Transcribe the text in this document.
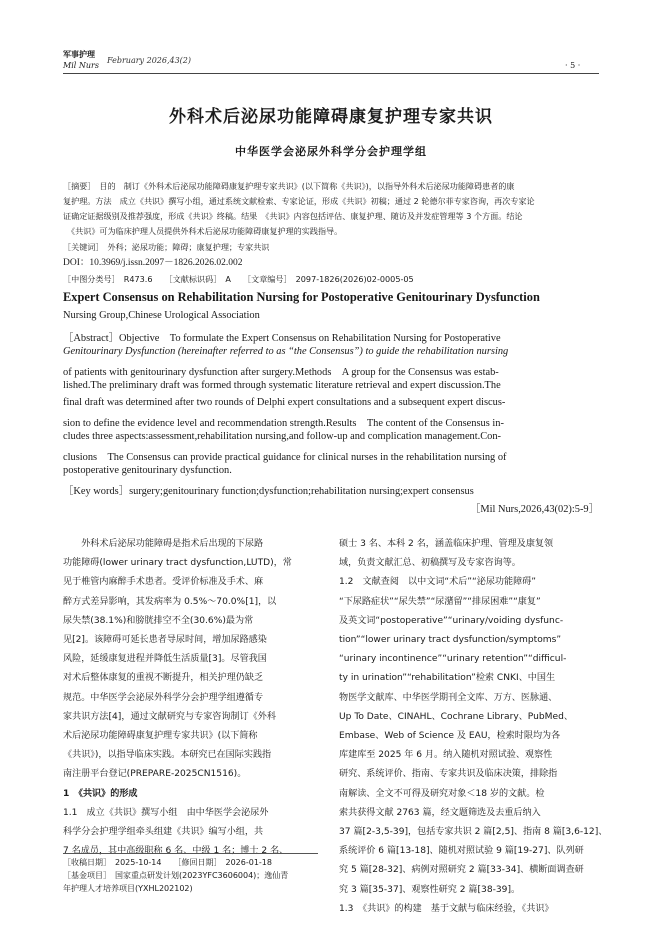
军事护理
Mil Nurs
February 2026,43(2)
· 5 ·
外科术后泌尿功能障碍康复护理专家共识
中华医学会泌尿外科学分会护理学组
［摘要］　目的　制订《外科术后泌尿功能障碍康复护理专家共识》(以下简称《共识》)，以指导外科术后泌尿功能障碍患者的康
复护理。方法　成立《共识》撰写小组，通过系统文献检索、专家论证，形成《共识》初稿；通过 2 轮德尔菲专家咨询，再次专家论
证确定证据级别及推荐强度，形成《共识》终稿。结果　《共识》内容包括评估、康复护理、随访及并发症管理等 3 个方面。结论
　《共识》可为临床护理人员提供外科术后泌尿功能障碍康复护理的实践指导。
［关键词］　外科；泌尿功能；障碍；康复护理；专家共识
DOI：10.3969/j.issn.2097－1826.2026.02.002
［中图分类号］　R473.6　　［文献标识码］　A　　［文章编号］　2097-1826(2026)02-0005-05
Expert Consensus on Rehabilitation Nursing for Postoperative Genitourinary Dysfunction
Nursing Group,Chinese Urological Association
［Abstract］Objective　To formulate the Expert Consensus on Rehabilitation Nursing for Postoperative
Genitourinary Dysfunction (hereinafter referred to as “the Consensus”) to guide the rehabilitation nursing
of patients with genitourinary dysfunction after surgery.Methods　A group for the Consensus was estab-
lished.The preliminary draft was formed through systematic literature retrieval and expert discussion.The
final draft was determined after two rounds of Delphi expert consultations and a subsequent expert discus-
sion to define the evidence level and recommendation strength.Results　The content of the Consensus in-
cludes three aspects:assessment,rehabilitation nursing,and follow-up and complication management.Con-
clusions　The Consensus can provide practical guidance for clinical nurses in the rehabilitation nursing of
postoperative genitourinary dysfunction.
［Key words］surgery;genitourinary function;dysfunction;rehabilitation nursing;expert consensus
［Mil Nurs,2026,43(02):5-9］

　　外科术后泌尿功能障碍是指术后出现的下尿路

功能障碍(lower urinary tract dysfunction,LUTD)，常

见于椎管内麻醉手术患者。受评价标准及手术、麻

醉方式差异影响，其发病率为 0.5%～70.0%[1]，以

尿失禁(38.1%)和膀胱排空不全(30.6%)最为常

见[2]。该障碍可延长患者导尿时间，增加尿路感染

风险，延缓康复进程并降低生活质量[3]。尽管我国

对术后整体康复的重视不断提升，相关护理仍缺乏

规范。中华医学会泌尿外科学分会护理学组遵循专

家共识方法[4]，通过文献研究与专家咨询制订《外科

术后泌尿功能障碍康复护理专家共识》(以下简称

《共识》)，以指导临床实践。本研究已在国际实践指

南注册平台登记(PREPARE-2025CN1516)。

1　《共识》的形成

1.1　成立《共识》撰写小组　由中华医学会泌尿外

科学分会护理学组牵头组建《共识》编写小组，共

7 名成员，其中高级职称 6 名、中级 1 名；博士 2 名、

硕士 3 名、本科 2 名，涵盖临床护理、管理及康复领

域，负责文献汇总、初稿撰写及专家咨询等。

1.2　文献查阅　以中文词“术后”“泌尿功能障碍”

“下尿路症状”“尿失禁”“尿潴留”“排尿困难”“康复”

及英文词“postoperative”“urinary/voiding dysfunc-

tion”“lower urinary tract dysfunction/symptoms”

“urinary incontinence”“urinary retention”“difficul-

ty in urination”“rehabilitation”检索 CNKI、中国生

物医学文献库、中华医学期刊全文库、万方、医脉通、

Up To Date、CINAHL、Cochrane Library、PubMed、

Embase、Web of Science 及 EAU，检索时限均为各

库建库至 2025 年 6 月。纳入随机对照试验、观察性

研究、系统评价、指南、专家共识及临床决策，排除指

南解读、全文不可得及研究对象＜18 岁的文献。检

索共获得文献 2763 篇，经文题筛选及去重后纳入

37 篇[2-3,5-39]，包括专家共识 2 篇[2,5]、指南 8 篇[3,6-12]、

系统评价 6 篇[13-18]、随机对照试验 9 篇[19-27]、队列研

究 5 篇[28-32]、病例对照研究 2 篇[33-34]、横断面调查研

究 3 篇[35-37]、观察性研究 2 篇[38-39]。

1.3　《共识》的构建　基于文献与临床经验，《共识》

［收稿日期］　2025-10-14　　［修回日期］　2026-01-18
［基金项目］　国家重点研发计划(2023YFC3606004)；逸仙青
年护理人才培养项目(YXHL202102)
